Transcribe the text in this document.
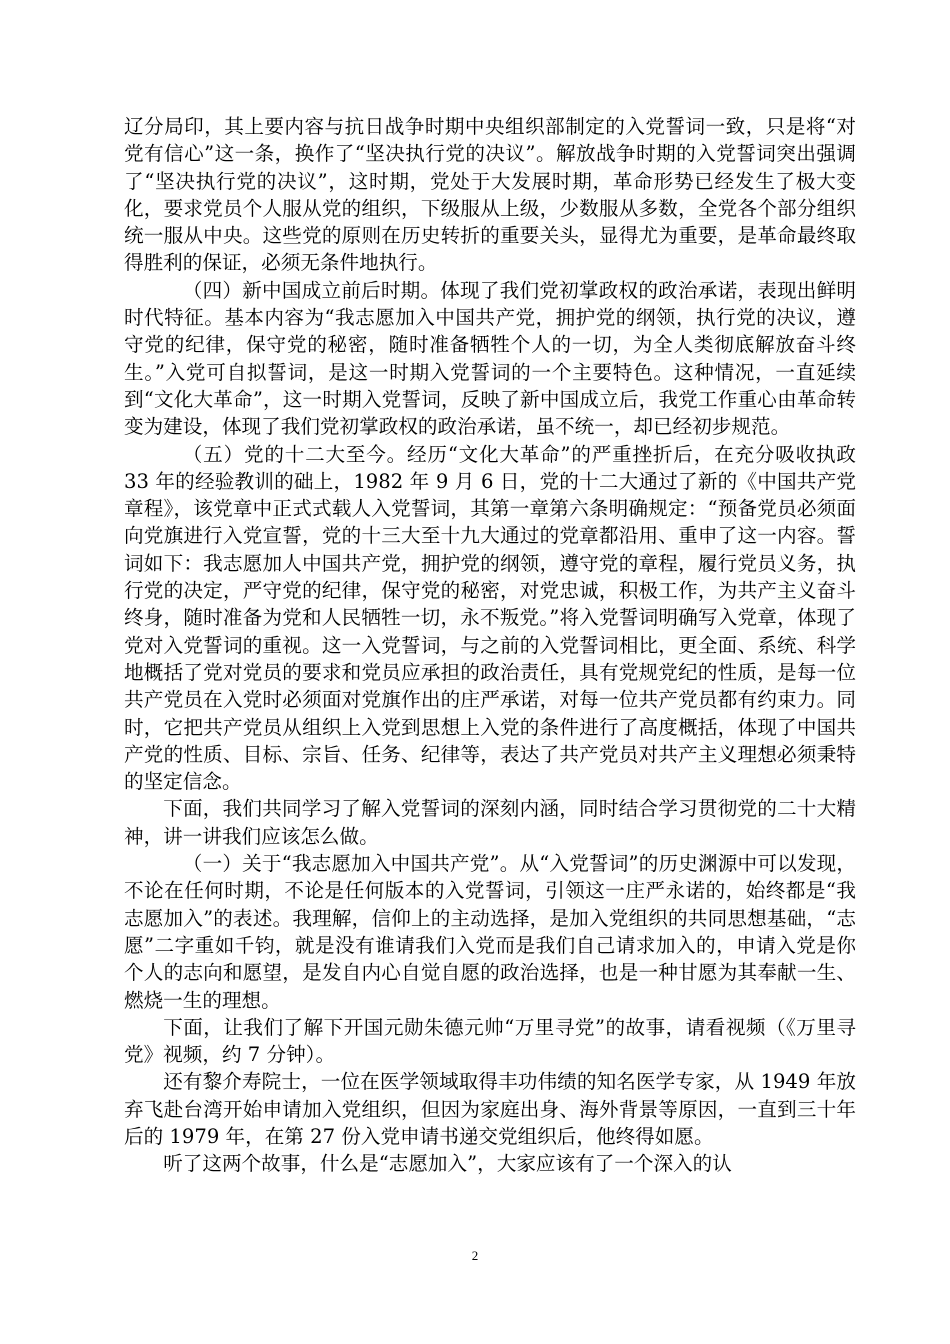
辽分局印，其上要内容与抗日战争时期中央组织部制定的入党誓词一致，只是将“对党有信心”这一条，换作了“坚决执行党的决议”。解放战争时期的入党誓词突出强调了“坚决执行党的决议”，这时期，党处于大发展时期，革命形势已经发生了极大变化，要求党员个人服从党的组织，下级服从上级，少数服从多数，全党各个部分组织统一服从中央。这些党的原则在历史转折的重要关头，显得尤为重要，是革命最终取得胜利的保证，必须无条件地执行。

（四）新中国成立前后时期。体现了我们党初掌政权的政治承诺，表现出鲜明时代特征。基本内容为“我志愿加入中国共产党，拥护党的纲领，执行党的决议，遵守党的纪律，保守党的秘密，随时准备牺牲个人的一切，为全人类彻底解放奋斗终生。”入党可自拟誓词，是这一时期入党誓词的一个主要特色。这种情况，一直延续到“文化大革命”，这一时期入党誓词，反映了新中国成立后，我党工作重心由革命转变为建设，体现了我们党初掌政权的政治承诺，虽不统一，却已经初步规范。

（五）党的十二大至今。经历“文化大革命”的严重挫折后，在充分吸收执政 33 年的经验教训的础上，1982 年 9 月 6 日，党的十二大通过了新的《中国共产党章程》，该党章中正式式载人入党誓词，其第一章第六条明确规定：“预备党员必须面向党旗进行入党宣誓，党的十三大至十九大通过的党章都沿用、重申了这一内容。誓词如下：我志愿加人中国共产党，拥护党的纲领，遵守党的章程，履行党员义务，执行党的决定，严守党的纪律，保守党的秘密，对党忠诚，积极工作，为共产主义奋斗终身，随时准备为党和人民牺牲一切，永不叛党。”将入党誓词明确写入党章，体现了党对入党誓词的重视。这一入党誓词，与之前的入党誓词相比，更全面、系统、科学地概括了党对党员的要求和党员应承担的政治责任，具有党规党纪的性质，是每一位共产党员在入党时必须面对党旗作出的庄严承诺，对每一位共产党员都有约束力。同时，它把共产党员从组织上入党到思想上入党的条件进行了高度概括，体现了中国共产党的性质、目标、宗旨、任务、纪律等，表达了共产党员对共产主义理想必须秉特的坚定信念。

下面，我们共同学习了解入党誓词的深刻内涵，同时结合学习贯彻党的二十大精神，讲一讲我们应该怎么做。

（一）关于“我志愿加入中国共产党”。从“入党誓词”的历史渊源中可以发现，不论在任何时期，不论是任何版本的入党誓词，引领这一庄严永诺的，始终都是“我志愿加入”的表述。我理解，信仰上的主动选择，是加入党组织的共同思想基础，“志愿”二字重如千钧，就是没有谁请我们入党而是我们自己请求加入的，申请入党是你个人的志向和愿望，是发自内心自觉自愿的政治选择，也是一种甘愿为其奉献一生、燃烧一生的理想。

下面，让我们了解下开国元勋朱德元帅“万里寻党”的故事，请看视频（《万里寻党》视频，约 7 分钟）。

还有黎介寿院士，一位在医学领域取得丰功伟绩的知名医学专家，从 1949 年放弃飞赴台湾开始申请加入党组织，但因为家庭出身、海外背景等原因，一直到三十年后的 1979 年，在第 27 份入党申请书递交党组织后，他终得如愿。

听了这两个故事，什么是“志愿加入”，大家应该有了一个深入的认

2
